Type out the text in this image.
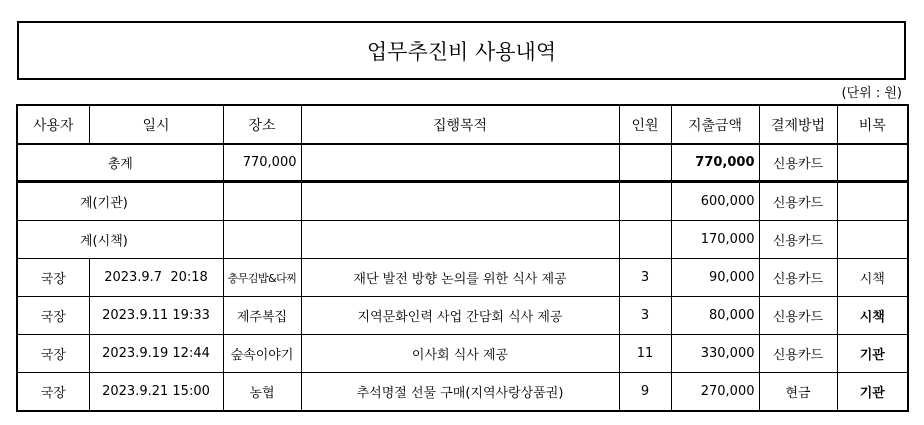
업무추진비 사용내역
(단위 : 원)
사용자	일시	장소	집행목적	인원	지출금액	결제방법	비목
총계		770,000			770,000	신용카드	
계(기관)					600,000	신용카드	
계(시책)					170,000	신용카드	
국장	2023.9.7  20:18	충무김밥&다찌	재단 발전 방향 논의를 위한 식사 제공	3	90,000	신용카드	시책
국장	2023.9.11 19:33	제주복집	지역문화인력 사업 간담회 식사 제공	3	80,000	신용카드	시책
국장	2023.9.19 12:44	숲속이야기	이사회 식사 제공	11	330,000	신용카드	기관
국장	2023.9.21 15:00	농협	추석명절 선물 구매(지역사랑상품권)	9	270,000	현금	기관
